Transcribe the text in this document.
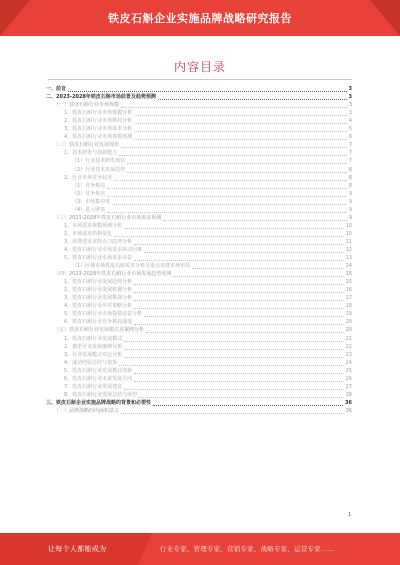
铁皮石斛企业实施品牌战略研究报告
内容目录
一、前言	3
二、2023-2028年铁皮石斛市场前景及趋势预测	3
（一）铁皮石斛行业市场规模	3
1、铁皮石斛行业市场规模分析	3
2、铁皮石斛行业市场格局分析	4
3、铁皮石斛行业市场需求分析	5
4、铁皮石斛行业市场规模预测	6
（二）铁皮石斛行业发展现状	7
1、技术研发与创新能力	7
（1）行业技术研发现状	7
（2）行业技术发展趋势	8
2、行业市场竞争状况	8
（1）竞争格局	8
（2）竞争焦点	9
（3）市场集中度	9
（4）进入壁垒	9
（三）2023-2028年铁皮石斛行业市场需求预测	9
1、市场需求规模预测分析	10
2、市场需求结构变化	10
3、消费者需求特点与趋势分析	11
4、铁皮石斛行业市场需求驱动因素	12
5、铁皮石斛行业市场需求前景	13
（1）区域市场铁皮石斛需求分析及重点消费市场布局	14
（四）2023-2028年铁皮石斛行业市场发展趋势预测	15
1、铁皮石斛行业发展趋势分析	15
2、铁皮石斛行业发展机遇分析	16
3、铁皮石斛行业发展挑战分析	17
4、铁皮石斛行业应对策略分析	18
5、铁皮石斛行业市场投资前景分析	19
6、铁皮石斛行业竞争格局演变	20
（五）铁皮石斛行业发展模式及案例分析	20
1、铁皮石斛行业发展模式	21
2、典型企业发展案例分析	22
3、行业发展模式对比分析	23
4、成功经验总结与借鉴	24
5、铁皮石斛行业发展模式创新	25
6、铁皮石斛行业未来发展方向	26
7、铁皮石斛行业发展建议	27
8、铁皮石斛行业发展总结与展望	28
三、铁皮石斛企业实施品牌战略的背景和必要性	36
（一）品牌战略的内涵和意义	36
1
让每个人都能成为	行业专家、管理专家、营销专家、战略专家、运营专家……
